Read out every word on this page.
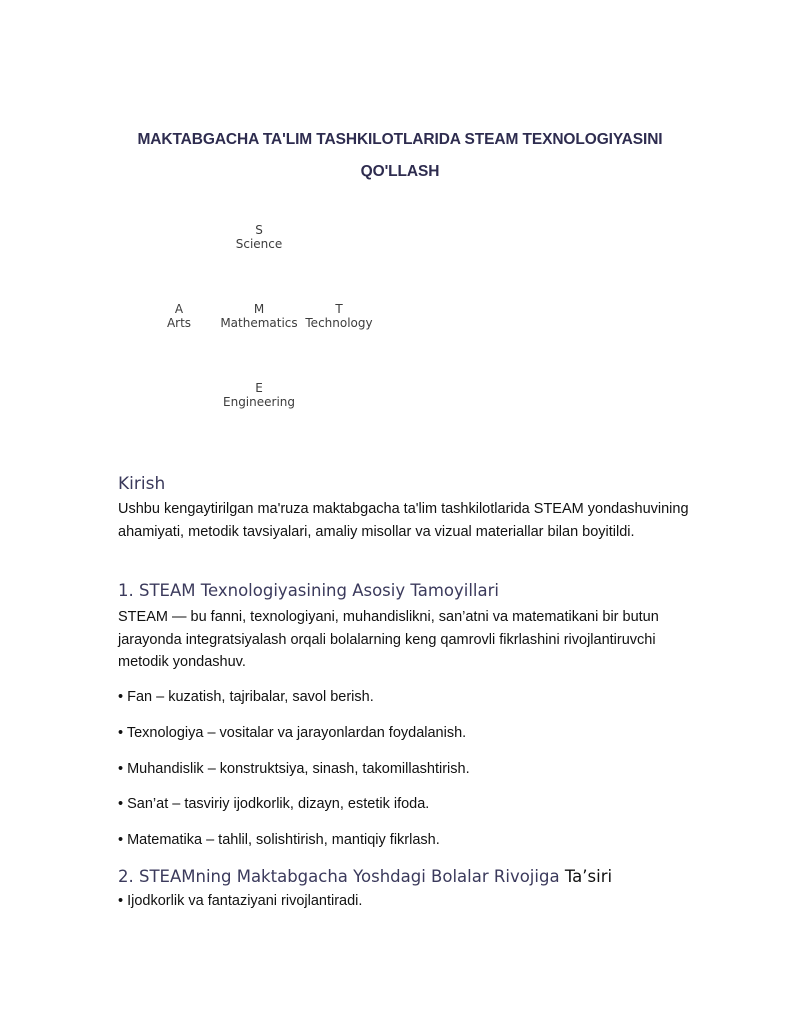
MAKTABGACHA TA'LIM TASHKILOTLARIDA STEAM TEXNOLOGIYASINI
QO'LLASH
S
Science
A
Arts
M
Mathematics
T
Technology
E
Engineering
Kirish
Ushbu kengaytirilgan ma'ruza maktabgacha ta'lim tashkilotlarida STEAM yondashuvining ahamiyati, metodik tavsiyalari, amaliy misollar va vizual materiallar bilan boyitildi.
1. STEAM Texnologiyasining Asosiy Tamoyillari
STEAM — bu fanni, texnologiyani, muhandislikni, san’atni va matematikani bir butun jarayonda integratsiyalash orqali bolalarning keng qamrovli fikrlashini rivojlantiruvchi metodik yondashuv.
• Fan – kuzatish, tajribalar, savol berish.
• Texnologiya – vositalar va jarayonlardan foydalanish.
• Muhandislik – konstruktsiya, sinash, takomillashtirish.
• San’at – tasviriy ijodkorlik, dizayn, estetik ifoda.
• Matematika – tahlil, solishtirish, mantiqiy fikrlash.
2. STEAMning Maktabgacha Yoshdagi Bolalar Rivojiga Ta’siri
• Ijodkorlik va fantaziyani rivojlantiradi.
